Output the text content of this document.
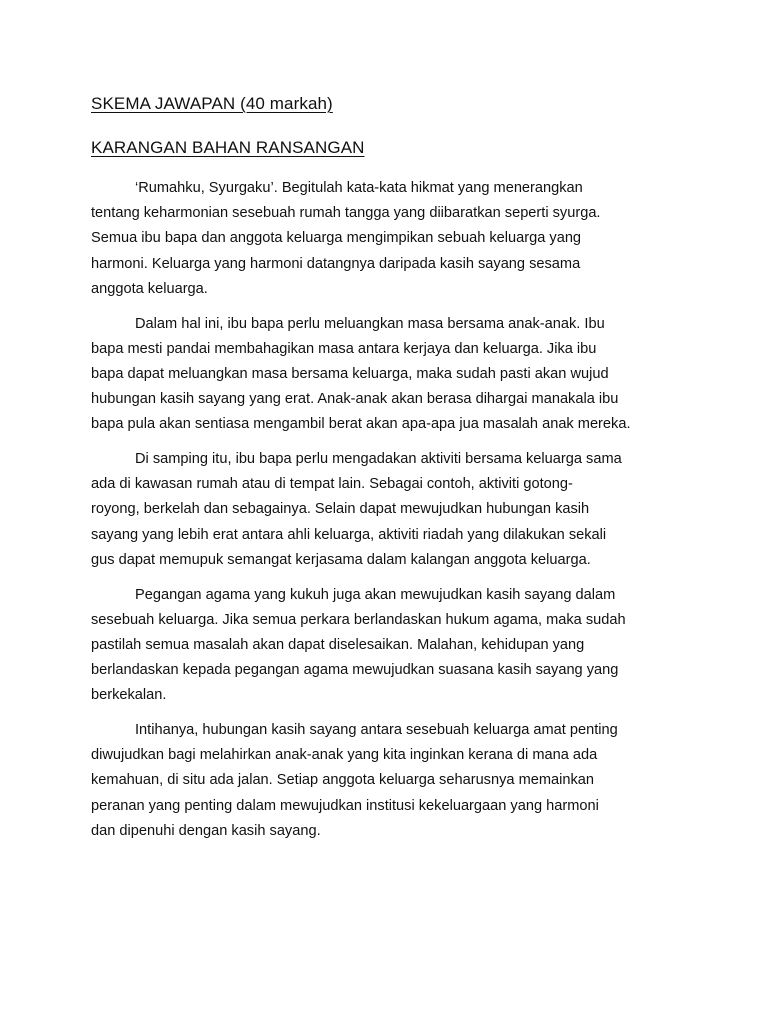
SKEMA JAWAPAN (40 markah)
KARANGAN BAHAN RANSANGAN

‘Rumahku, Syurgaku’. Begitulah kata-kata hikmat yang menerangkan
tentang keharmonian sesebuah rumah tangga yang diibaratkan seperti syurga.
Semua ibu bapa dan anggota keluarga mengimpikan sebuah keluarga yang
harmoni. Keluarga yang harmoni datangnya daripada kasih sayang sesama
anggota keluarga.

Dalam hal ini, ibu bapa perlu meluangkan masa bersama anak-anak. Ibu
bapa mesti pandai membahagikan masa antara kerjaya dan keluarga. Jika ibu
bapa dapat meluangkan masa bersama keluarga, maka sudah pasti akan wujud
hubungan kasih sayang yang erat. Anak-anak akan berasa dihargai manakala ibu
bapa pula akan sentiasa mengambil berat akan apa-apa jua masalah anak mereka.

Di samping itu, ibu bapa perlu mengadakan aktiviti bersama keluarga sama
ada di kawasan rumah atau di tempat lain. Sebagai contoh, aktiviti gotong-
royong, berkelah dan sebagainya. Selain dapat mewujudkan hubungan kasih
sayang yang lebih erat antara ahli keluarga, aktiviti riadah yang dilakukan sekali
gus dapat memupuk semangat kerjasama dalam kalangan anggota keluarga.

Pegangan agama yang kukuh juga akan mewujudkan kasih sayang dalam
sesebuah keluarga. Jika semua perkara berlandaskan hukum agama, maka sudah
pastilah semua masalah akan dapat diselesaikan. Malahan, kehidupan yang
berlandaskan kepada pegangan agama mewujudkan suasana kasih sayang yang
berkekalan.

Intihanya, hubungan kasih sayang antara sesebuah keluarga amat penting
diwujudkan bagi melahirkan anak-anak yang kita inginkan kerana di mana ada
kemahuan, di situ ada jalan. Setiap anggota keluarga seharusnya memainkan
peranan yang penting dalam mewujudkan institusi kekeluargaan yang harmoni
dan dipenuhi dengan kasih sayang.
